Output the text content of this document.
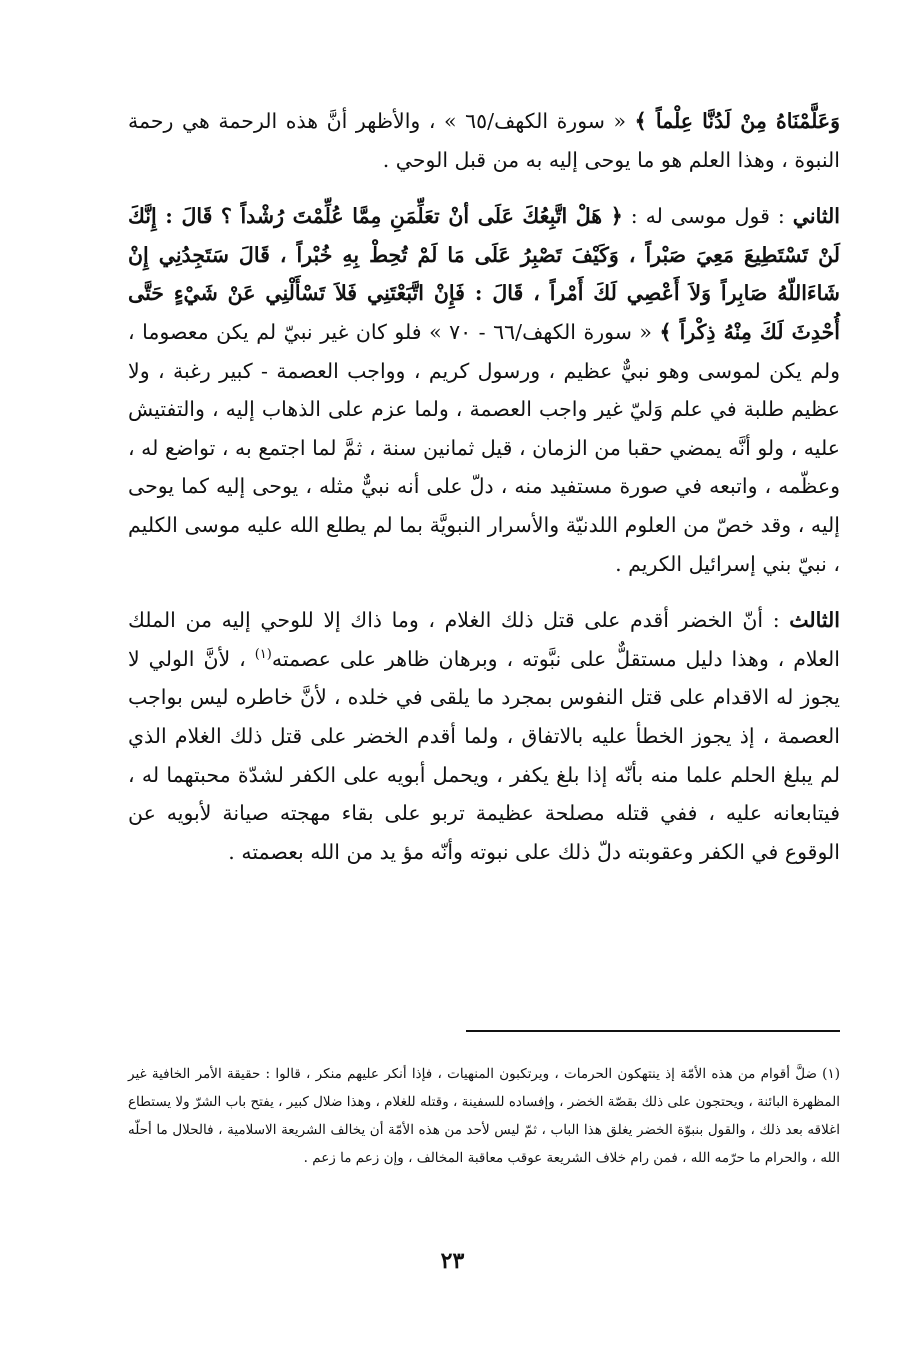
وَعَلَّمْنَاهُ مِنْ لَدُنَّا عِلْماً ﴾ « سورة الكهف/٦٥ » ، والأظهر أنَّ هذه الرحمة هي رحمة النبوة ، وهذا العلم هو ما يوحى إليه به من قبل الوحي .

الثاني : قول موسى له : ﴿ هَلْ اتَّبِعُكَ عَلَى أنْ تعَلِّمَنِ مِمَّا عُلِّمْتَ رُشْداً ؟ قَالَ : إِنَّكَ لَنْ تَسْتَطِيعَ مَعِيَ صَبْراً ، وَكَيْفَ تَصْبِرُ عَلَى مَا لَمْ تُحِطْ بِهِ خُبْراً ، قَالَ سَتَجِدُنِي إِنْ شَاءَاللّهُ صَابِراً وَلاَ أَعْصِي لَكَ أَمْراً ، قَالَ : فَإِنْ اتَّبَعْتَنِي فَلاَ تَسْأَلْنِي عَنْ شَيْءٍ حَتَّى أُحْدِثَ لَكَ مِنْهُ ذِكْراً ﴾ « سورة الكهف/٦٦ - ٧٠ » فلو كان غير نبيّ لم يكن معصوما ، ولم يكن لموسى وهو نبيٌّ عظيم ، ورسول كريم ، وواجب العصمة - كبير رغبة ، ولا عظيم طلبة في علم وَليّ غير واجب العصمة ، ولما عزم على الذهاب إليه ، والتفتيش عليه ، ولو أنَّه يمضي حقبا من الزمان ، قيل ثمانين سنة ، ثمَّ لما اجتمع به ، تواضع له ، وعظّمه ، واتبعه في صورة مستفيد منه ، دلّ على أنه نبيٌّ مثله ، يوحى إليه كما يوحى إليه ، وقد خصّ من العلوم اللدنيّة والأسرار النبويَّة بما لم يطلع الله عليه موسى الكليم ، نبيّ بني إسرائيل الكريم .

الثالث : أنّ الخضر أقدم على قتل ذلك الغلام ، وما ذاك إلا للوحي إليه من الملك العلام ، وهذا دليل مستقلٌّ على نبَّوته ، وبرهان ظاهر على عصمته$^{(١)}$ ، لأنَّ الولي لا يجوز له الاقدام على قتل النفوس بمجرد ما يلقى في خلده ، لأنَّ خاطره ليس بواجب العصمة ، إذ يجوز الخطأ عليه بالاتفاق ، ولما أقدم الخضر على قتل ذلك الغلام الذي لم يبلغ الحلم علما منه بأنّه إذا بلغ يكفر ، ويحمل أبويه على الكفر لشدّة محبتهما له ، فيتابعانه عليه ، ففي قتله مصلحة عظيمة تربو على بقاء مهجته صيانة لأبويه عن الوقوع في الكفر وعقوبته دلّ ذلك على نبوته وأنّه مؤ يد من الله بعصمته .

(١) ضلَّ أقوام من هذه الأمّة إذ ينتهكون الحرمات ، ويرتكبون المنهيات ، فإذا أنكر عليهم منكر ، قالوا : حقيقة الأمر الخافية غير المظهرة البائنة ، ويحتجون على ذلك بقصّة الخضر ، وإفساده للسفينة ، وقتله للغلام ، وهذا ضلال كبير ، يفتح باب الشرّ ولا يستطاع اغلاقه بعد ذلك ، والقول بنبوّة الخضر يغلق هذا الباب ، ثمّ ليس لأحد من هذه الأمّة أن يخالف الشريعة الاسلامية ، فالحلال ما أحلّه الله ، والحرام ما حرّمه الله ، فمن رام خلاف الشريعة عوقب معاقبة المخالف ، وإن زعم ما زعم .

٢٣
